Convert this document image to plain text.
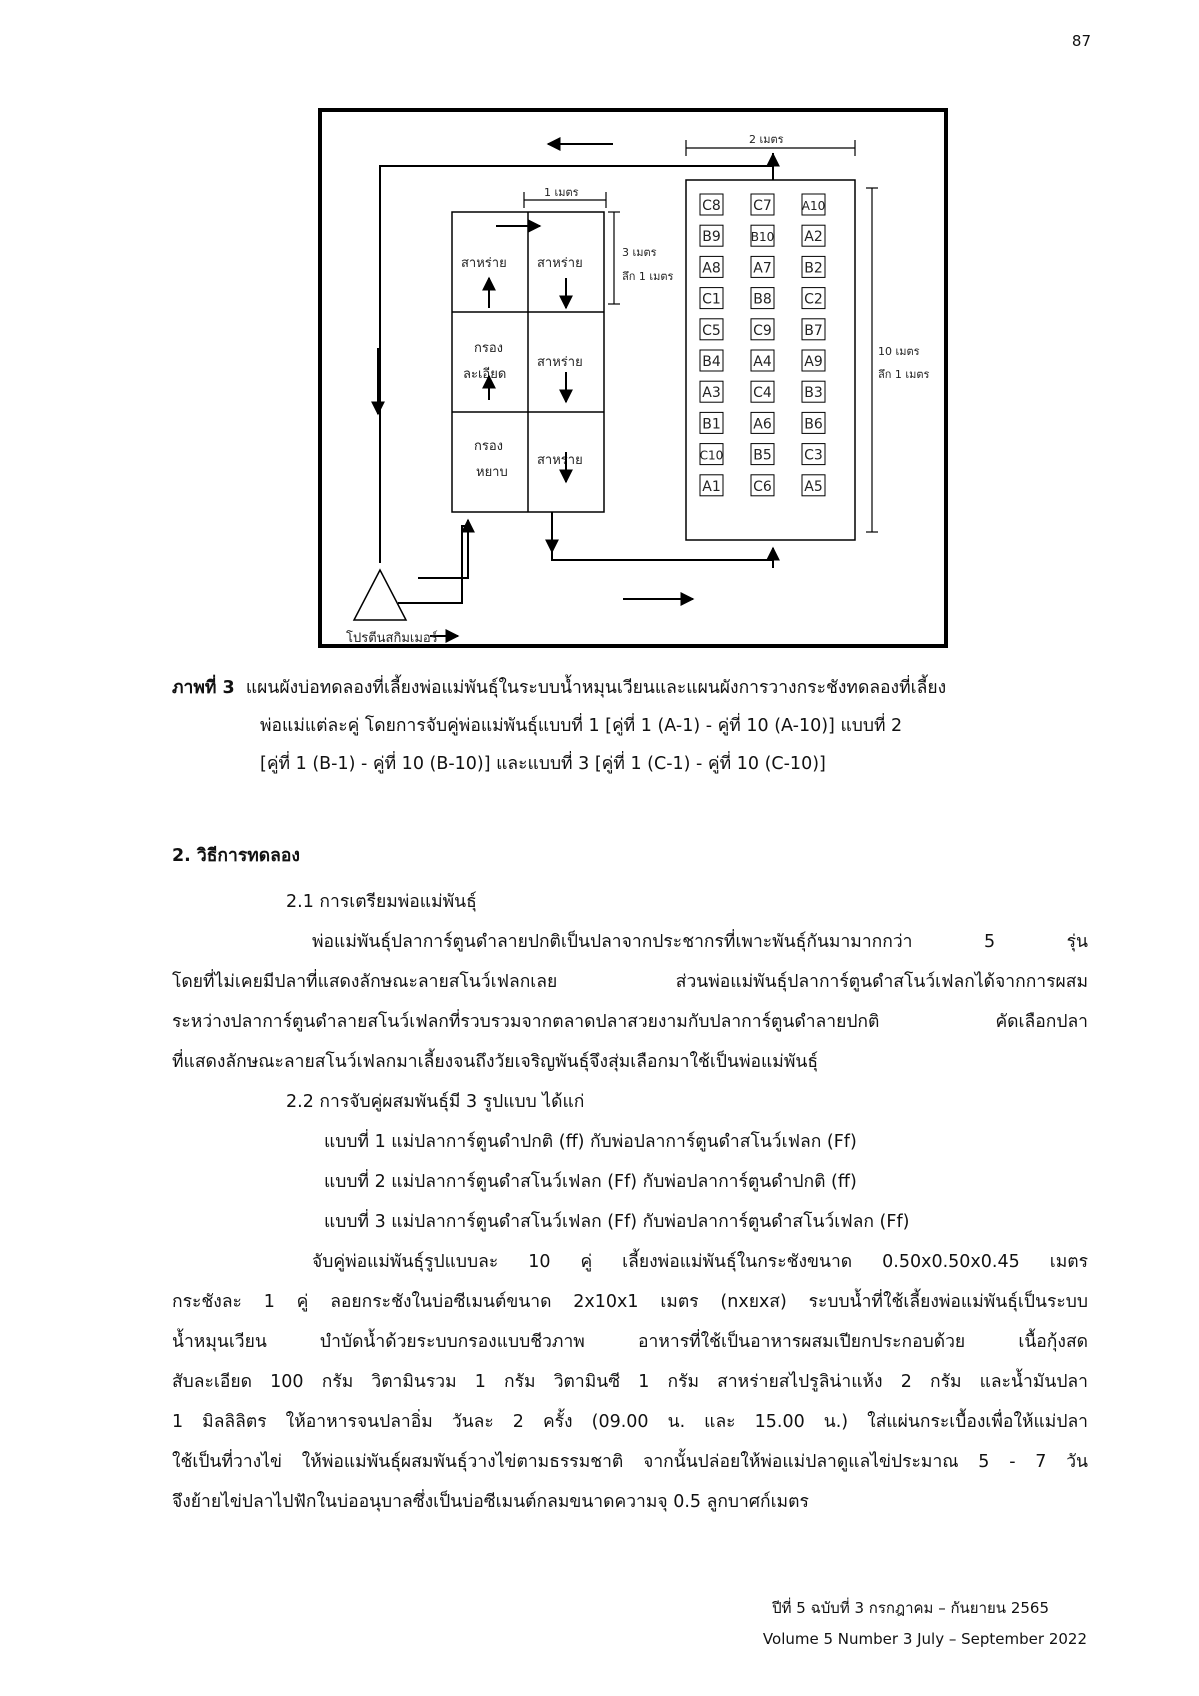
87
2 เมตร
1 เมตร
สาหร่าย สาหร่าย
กรอง
ละเอียด
สาหร่าย
กรอง
หยาบ
สาหร่าย
3 เมตร
ลึก 1 เมตร
โปรตีนสกิมเมอร์
C8 C7 A10
B9 B10 A2
A8 A7 B2
C1 B8 C2
C5 C9 B7
B4 A4 A9
A3 C4 B3
B1 A6 B6
C10 B5 C3
A1 C6 A5
10 เมตร
ลึก 1 เมตร
ภาพที่ 3 แผนผังบ่อทดลองที่เลี้ยงพ่อแม่พันธุ์ในระบบน้ำหมุนเวียนและแผนผังการวางกระชังทดลองที่เลี้ยง
พ่อแม่แต่ละคู่ โดยการจับคู่พ่อแม่พันธุ์แบบที่ 1 [คู่ที่ 1 (A-1) - คู่ที่ 10 (A-10)] แบบที่ 2
[คู่ที่ 1 (B-1) - คู่ที่ 10 (B-10)] และแบบที่ 3 [คู่ที่ 1 (C-1) - คู่ที่ 10 (C-10)]
2. วิธีการทดลอง
2.1 การเตรียมพ่อแม่พันธุ์
พ่อแม่พันธุ์ปลาการ์ตูนดำลายปกติเป็นปลาจากประชากรที่เพาะพันธุ์กันมามากกว่า 5 รุ่น
โดยที่ไม่เคยมีปลาที่แสดงลักษณะลายสโนว์เฟลกเลย ส่วนพ่อแม่พันธุ์ปลาการ์ตูนดำสโนว์เฟลกได้จากการผสม
ระหว่างปลาการ์ตูนดำลายสโนว์เฟลกที่รวบรวมจากตลาดปลาสวยงามกับปลาการ์ตูนดำลายปกติ คัดเลือกปลา
ที่แสดงลักษณะลายสโนว์เฟลกมาเลี้ยงจนถึงวัยเจริญพันธุ์จึงสุ่มเลือกมาใช้เป็นพ่อแม่พันธุ์
2.2 การจับคู่ผสมพันธุ์มี 3 รูปแบบ ได้แก่
แบบที่ 1 แม่ปลาการ์ตูนดำปกติ (ff) กับพ่อปลาการ์ตูนดำสโนว์เฟลก (Ff)
แบบที่ 2 แม่ปลาการ์ตูนดำสโนว์เฟลก (Ff) กับพ่อปลาการ์ตูนดำปกติ (ff)
แบบที่ 3 แม่ปลาการ์ตูนดำสโนว์เฟลก (Ff) กับพ่อปลาการ์ตูนดำสโนว์เฟลก (Ff)
จับคู่พ่อแม่พันธุ์รูปแบบละ 10 คู่ เลี้ยงพ่อแม่พันธุ์ในกระชังขนาด 0.50x0.50x0.45 เมตร
กระชังละ 1 คู่ ลอยกระชังในบ่อซีเมนต์ขนาด 2x10x1 เมตร (nxยxส) ระบบน้ำที่ใช้เลี้ยงพ่อแม่พันธุ์เป็นระบบ
น้ำหมุนเวียน บำบัดน้ำด้วยระบบกรองแบบชีวภาพ อาหารที่ใช้เป็นอาหารผสมเปียกประกอบด้วย เนื้อกุ้งสด
สับละเอียด 100 กรัม วิตามินรวม 1 กรัม วิตามินซี 1 กรัม สาหร่ายสไปรูลิน่าแห้ง 2 กรัม และน้ำมันปลา
1 มิลลิลิตร ให้อาหารจนปลาอิ่ม วันละ 2 ครั้ง (09.00 น. และ 15.00 น.) ใส่แผ่นกระเบื้องเพื่อให้แม่ปลา
ใช้เป็นที่วางไข่ ให้พ่อแม่พันธุ์ผสมพันธุ์วางไข่ตามธรรมชาติ จากนั้นปล่อยให้พ่อแม่ปลาดูแลไข่ประมาณ 5 - 7 วัน
จึงย้ายไข่ปลาไปฟักในบ่ออนุบาลซึ่งเป็นบ่อซีเมนต์กลมขนาดความจุ 0.5 ลูกบาศก์เมตร
ปีที่ 5 ฉบับที่ 3 กรกฎาคม – กันยายน 2565
Volume 5 Number 3 July – September 2022
